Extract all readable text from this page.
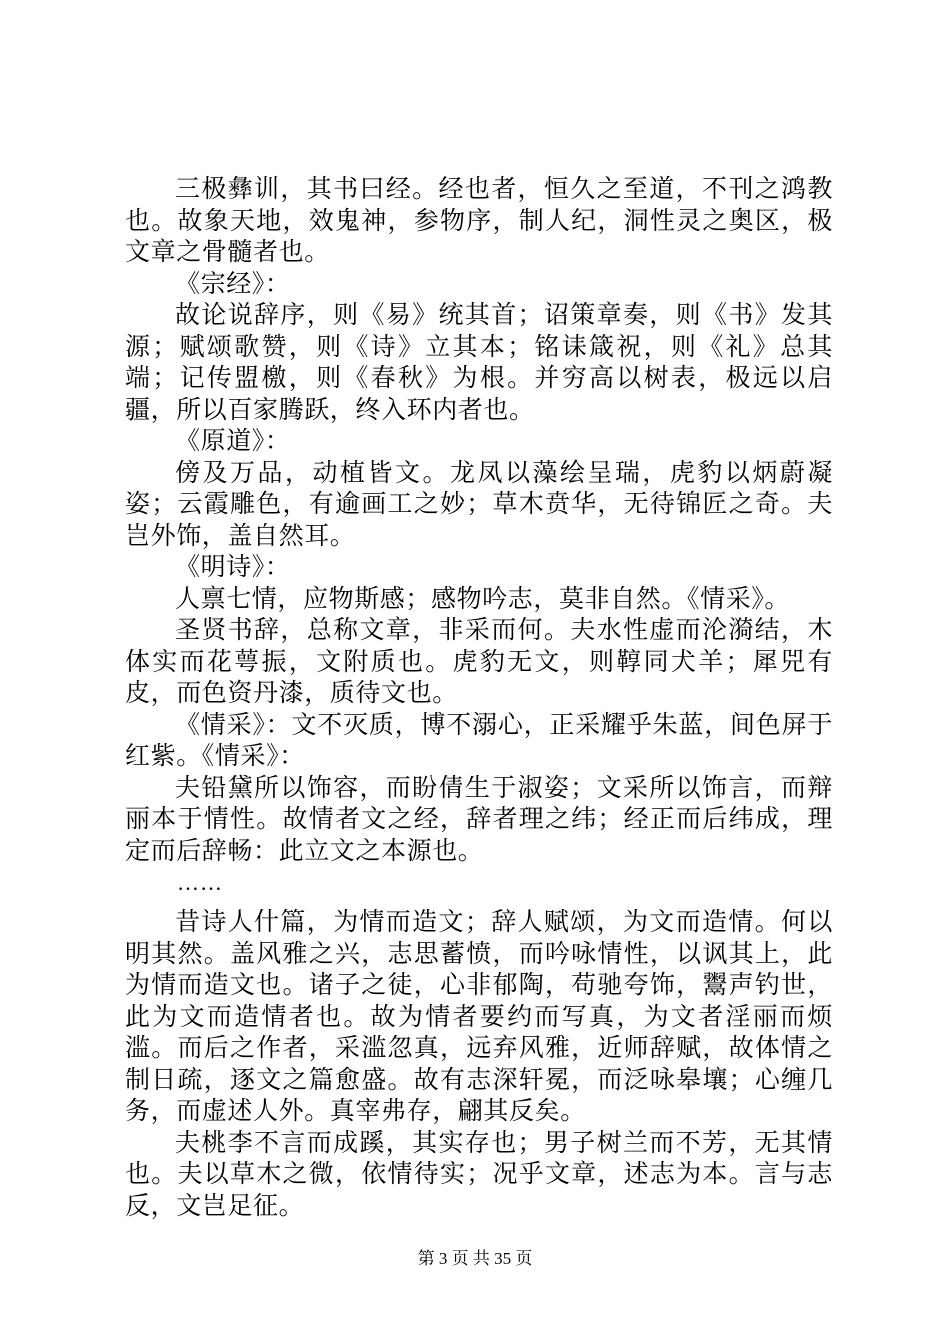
三极彝训，其书曰经。经也者，恒久之至道，不刊之鸿教也。故象天地，效鬼神，参物序，制人纪，洞性灵之奥区，极文章之骨髓者也。

《宗经》：

故论说辞序，则《易》统其首；诏策章奏，则《书》发其源；赋颂歌赞，则《诗》立其本；铭诔箴祝，则《礼》总其端；记传盟檄，则《春秋》为根。并穷高以树表，极远以启疆，所以百家腾跃，终入环内者也。

《原道》：

傍及万品，动植皆文。龙凤以藻绘呈瑞，虎豹以炳蔚凝姿；云霞雕色，有逾画工之妙；草木贲华，无待锦匠之奇。夫岂外饰，盖自然耳。

《明诗》：

人禀七情，应物斯感；感物吟志，莫非自然。《情采》。

圣贤书辞，总称文章，非采而何。夫水性虚而沦漪结，木体实而花萼振，文附质也。虎豹无文，则鞟同犬羊；犀兕有皮，而色资丹漆，质待文也。

《情采》：文不灭质，博不溺心，正采耀乎朱蓝，间色屏于红紫。《情采》：

夫铅黛所以饰容，而盼倩生于淑姿；文采所以饰言，而辩丽本于情性。故情者文之经，辞者理之纬；经正而后纬成，理定而后辞畅：此立文之本源也。

……

昔诗人什篇，为情而造文；辞人赋颂，为文而造情。何以明其然。盖风雅之兴，志思蓄愤，而吟咏情性，以讽其上，此为情而造文也。诸子之徒，心非郁陶，苟驰夸饰，鬻声钓世，此为文而造情者也。故为情者要约而写真，为文者淫丽而烦滥。而后之作者，采滥忽真，远弃风雅，近师辞赋，故体情之制日疏，逐文之篇愈盛。故有志深轩冕，而泛咏皋壤；心缠几务，而虚述人外。真宰弗存，翩其反矣。

夫桃李不言而成蹊，其实存也；男子树兰而不芳，无其情也。夫以草木之微，依情待实；况乎文章，述志为本。言与志反，文岂足征。

第 3 页 共 35 页
